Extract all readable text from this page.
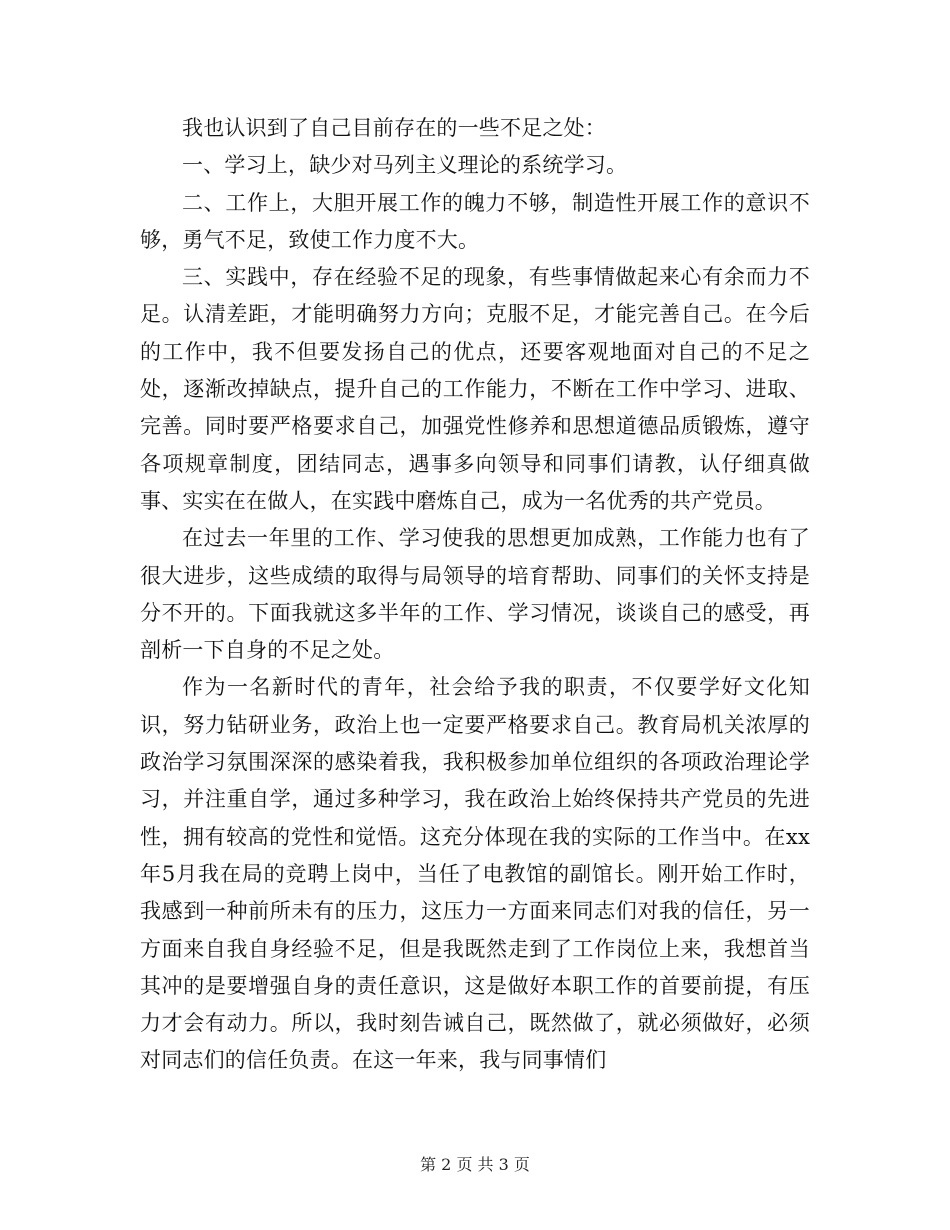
我也认识到了自己目前存在的一些不足之处：

一、学习上，缺少对马列主义理论的系统学习。

二、工作上，大胆开展工作的魄力不够，制造性开展工作的意识不够，勇气不足，致使工作力度不大。

三、实践中，存在经验不足的现象，有些事情做起来心有余而力不足。认清差距，才能明确努力方向；克服不足，才能完善自己。在今后的工作中，我不但要发扬自己的优点，还要客观地面对自己的不足之处，逐渐改掉缺点，提升自己的工作能力，不断在工作中学习、进取、完善。同时要严格要求自己，加强党性修养和思想道德品质锻炼，遵守各项规章制度，团结同志，遇事多向领导和同事们请教，认仔细真做事、实实在在做人，在实践中磨炼自己，成为一名优秀的共产党员。

在过去一年里的工作、学习使我的思想更加成熟，工作能力也有了很大进步，这些成绩的取得与局领导的培育帮助、同事们的关怀支持是分不开的。下面我就这多半年的工作、学习情况，谈谈自己的感受，再剖析一下自身的不足之处。

作为一名新时代的青年，社会给予我的职责，不仅要学好文化知识，努力钻研业务，政治上也一定要严格要求自己。教育局机关浓厚的政治学习氛围深深的感染着我，我积极参加单位组织的各项政治理论学习，并注重自学，通过多种学习，我在政治上始终保持共产党员的先进性，拥有较高的党性和觉悟。这充分体现在我的实际的工作当中。在xx年5月我在局的竞聘上岗中，当任了电教馆的副馆长。刚开始工作时，我感到一种前所未有的压力，这压力一方面来同志们对我的信任，另一方面来自我自身经验不足，但是我既然走到了工作岗位上来，我想首当其冲的是要增强自身的责任意识，这是做好本职工作的首要前提，有压力才会有动力。所以，我时刻告诫自己，既然做了，就必须做好，必须对同志们的信任负责。在这一年来，我与同事情们

第 2 页 共 3 页
